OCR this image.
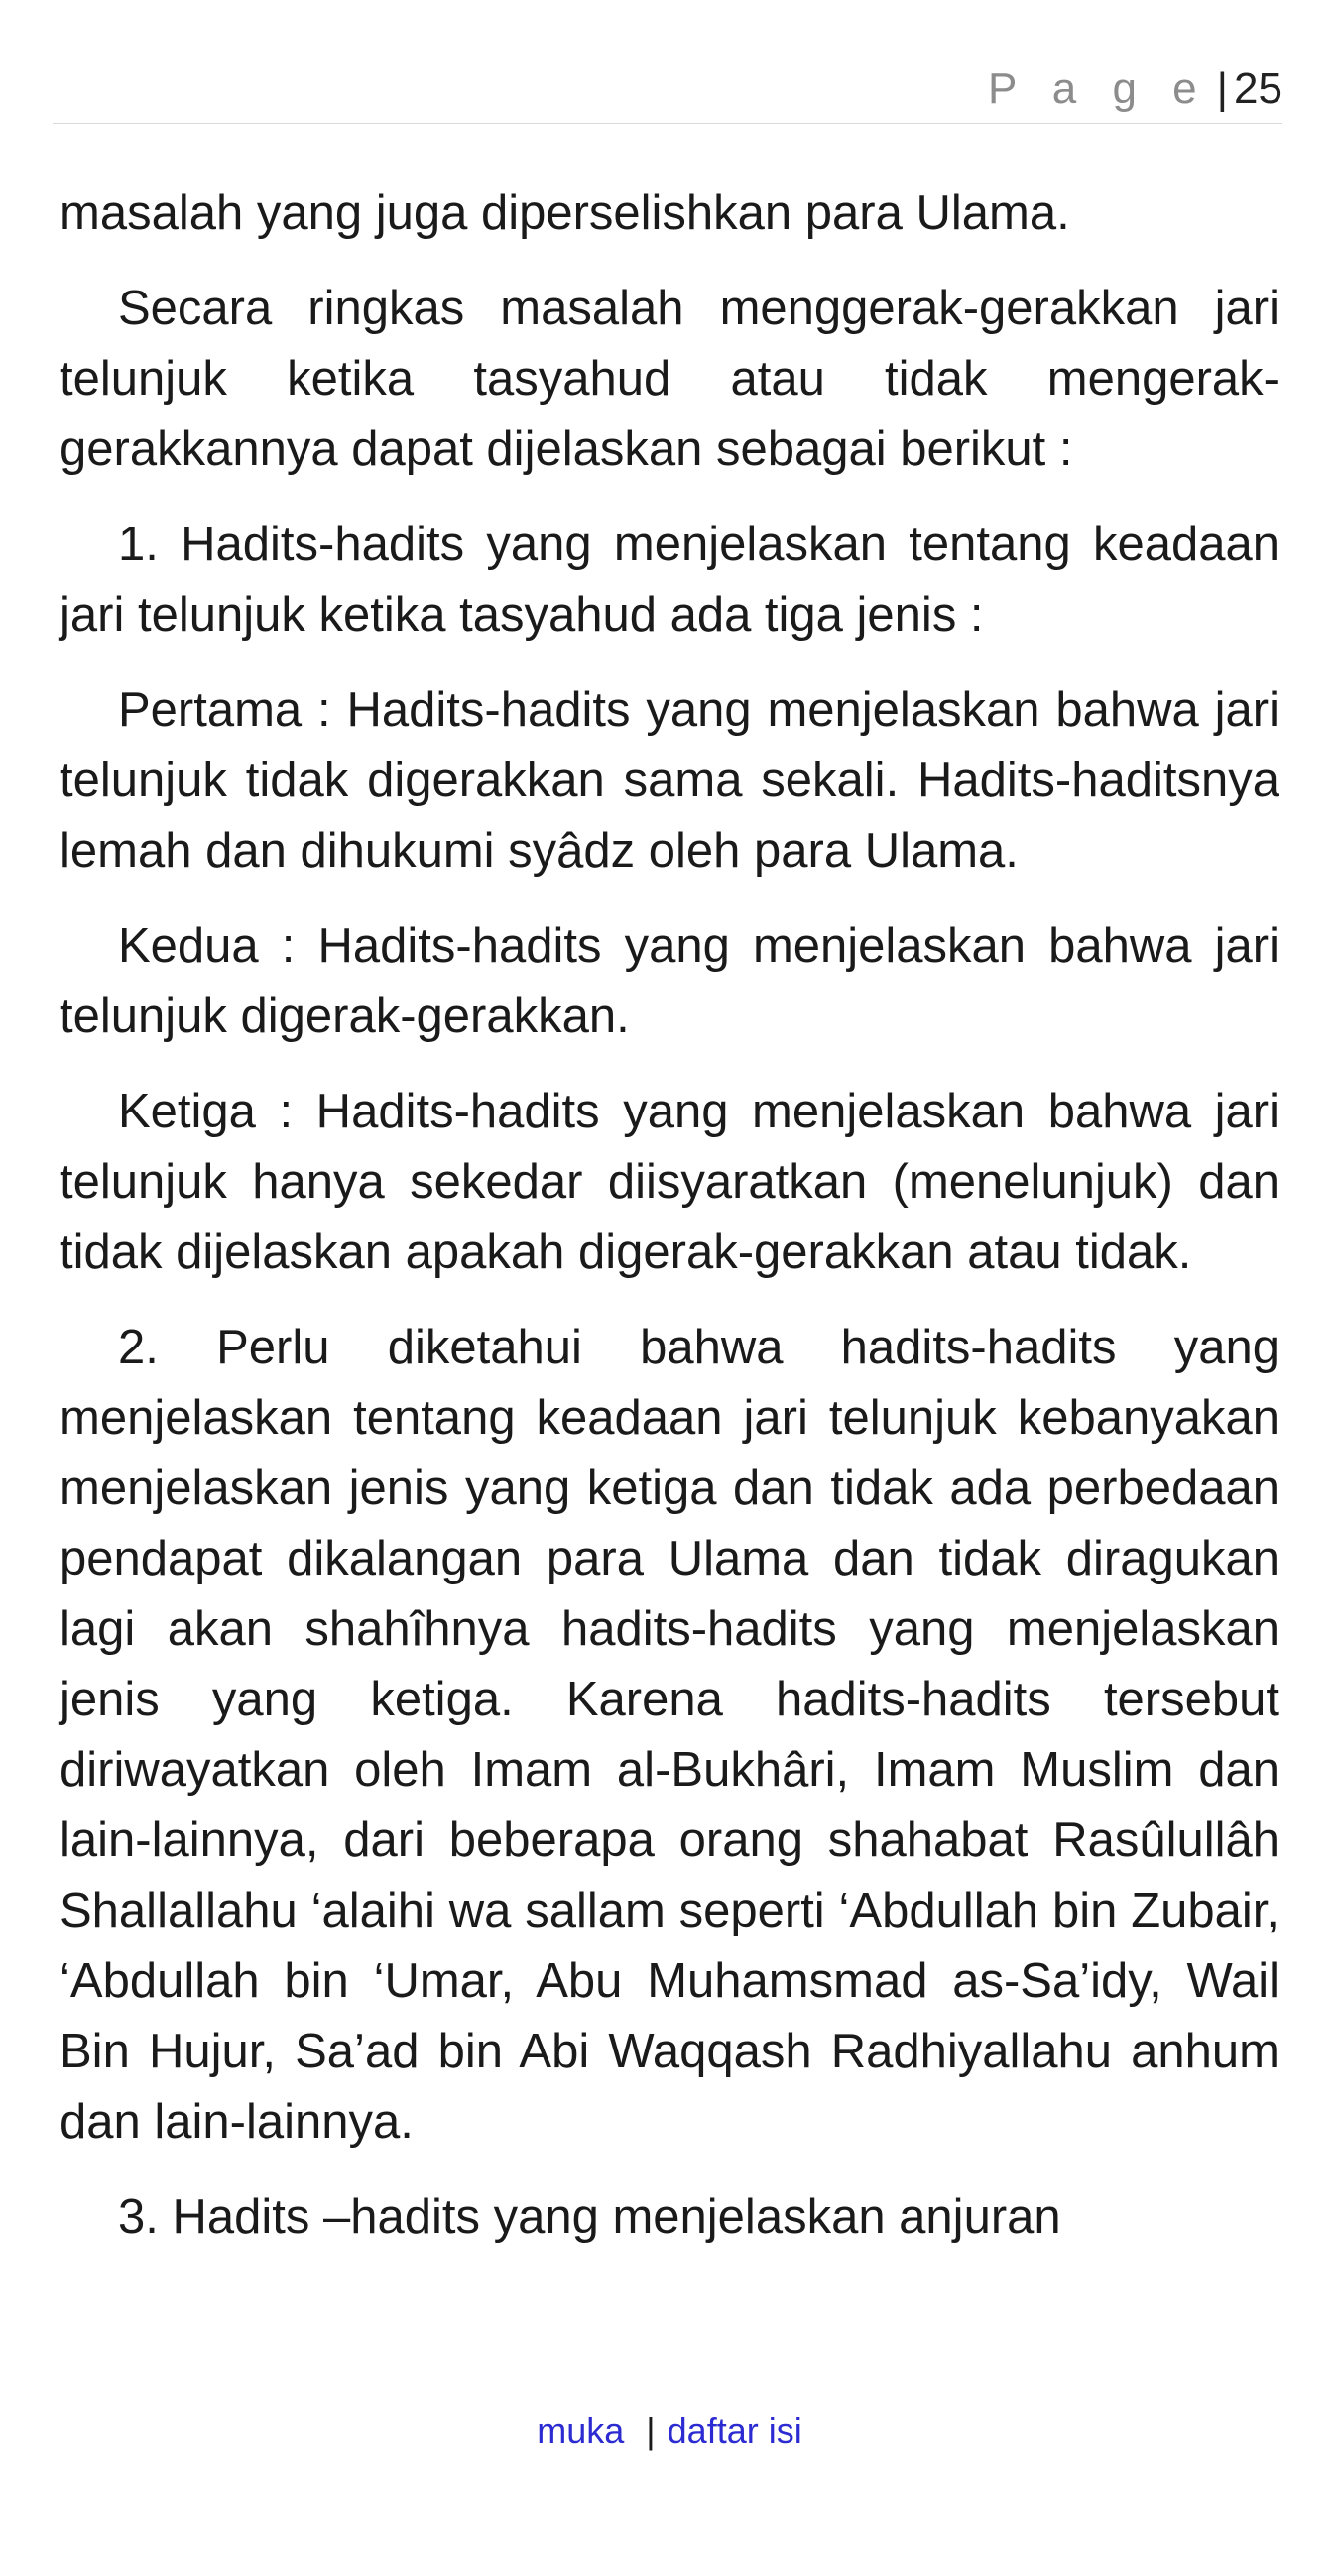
P a g e | 25

masalah yang juga diperselishkan para Ulama.

Secara ringkas masalah menggerak-gerakkan jari telunjuk ketika tasyahud atau tidak mengerak-gerakkannya dapat dijelaskan sebagai berikut :

1. Hadits-hadits yang menjelaskan tentang keadaan jari telunjuk ketika tasyahud ada tiga jenis :

Pertama : Hadits-hadits yang menjelaskan bahwa jari telunjuk tidak digerakkan sama sekali. Hadits-haditsnya lemah dan dihukumi syâdz oleh para Ulama.

Kedua : Hadits-hadits yang menjelaskan bahwa jari telunjuk digerak-gerakkan.

Ketiga : Hadits-hadits yang menjelaskan bahwa jari telunjuk hanya sekedar diisyaratkan (menelunjuk) dan tidak dijelaskan apakah digerak-gerakkan atau tidak.

2. Perlu diketahui bahwa hadits-hadits yang menjelaskan tentang keadaan jari telunjuk kebanyakan menjelaskan jenis yang ketiga dan tidak ada perbedaan pendapat dikalangan para Ulama dan tidak diragukan lagi akan shahîhnya hadits-hadits yang menjelaskan jenis yang ketiga. Karena hadits-hadits tersebut diriwayatkan oleh Imam al-Bukhâri, Imam Muslim dan lain-lainnya, dari beberapa orang shahabat Rasûlullâh Shallallahu ‘alaihi wa sallam seperti ‘Abdullah bin Zubair, ‘Abdullah bin ‘Umar, Abu Muhamsmad as-Sa’idy, Wail Bin Hujur, Sa’ad bin Abi Waqqash Radhiyallahu anhum dan lain-lainnya.

3. Hadits –hadits yang menjelaskan anjuran

muka | daftar isi
